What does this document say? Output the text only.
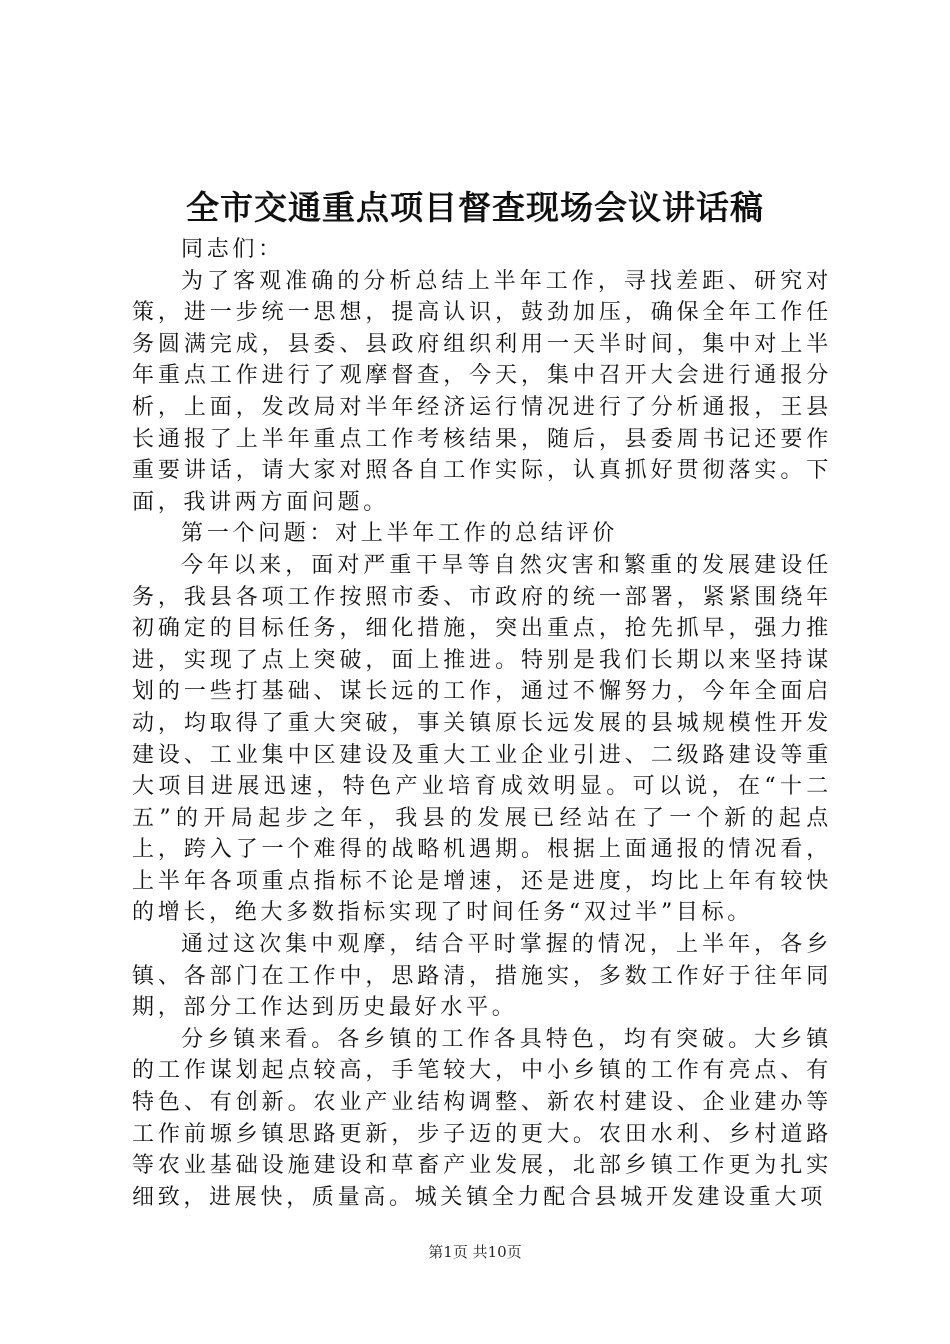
全市交通重点项目督查现场会议讲话稿

同志们：

为了客观准确的分析总结上半年工作，寻找差距、研究对策，进一步统一思想，提高认识，鼓劲加压，确保全年工作任务圆满完成，县委、县政府组织利用一天半时间，集中对上半年重点工作进行了观摩督查，今天，集中召开大会进行通报分析，上面，发改局对半年经济运行情况进行了分析通报，王县长通报了上半年重点工作考核结果，随后，县委周书记还要作重要讲话，请大家对照各自工作实际，认真抓好贯彻落实。下面，我讲两方面问题。

第一个问题：对上半年工作的总结评价

今年以来，面对严重干旱等自然灾害和繁重的发展建设任务，我县各项工作按照市委、市政府的统一部署，紧紧围绕年初确定的目标任务，细化措施，突出重点，抢先抓早，强力推进，实现了点上突破，面上推进。特别是我们长期以来坚持谋划的一些打基础、谋长远的工作，通过不懈努力，今年全面启动，均取得了重大突破，事关镇原长远发展的县城规模性开发建设、工业集中区建设及重大工业企业引进、二级路建设等重大项目进展迅速，特色产业培育成效明显。可以说，在“十二五”的开局起步之年，我县的发展已经站在了一个新的起点上，跨入了一个难得的战略机遇期。根据上面通报的情况看，上半年各项重点指标不论是增速，还是进度，均比上年有较快的增长，绝大多数指标实现了时间任务“双过半”目标。

通过这次集中观摩，结合平时掌握的情况，上半年，各乡镇、各部门在工作中，思路清，措施实，多数工作好于往年同期，部分工作达到历史最好水平。

分乡镇来看。各乡镇的工作各具特色，均有突破。大乡镇的工作谋划起点较高，手笔较大，中小乡镇的工作有亮点、有特色、有创新。农业产业结构调整、新农村建设、企业建办等工作前塬乡镇思路更新，步子迈的更大。农田水利、乡村道路等农业基础设施建设和草畜产业发展，北部乡镇工作更为扎实细致，进展快，质量高。城关镇全力配合县城开发建设重大项

第1页 共10页
